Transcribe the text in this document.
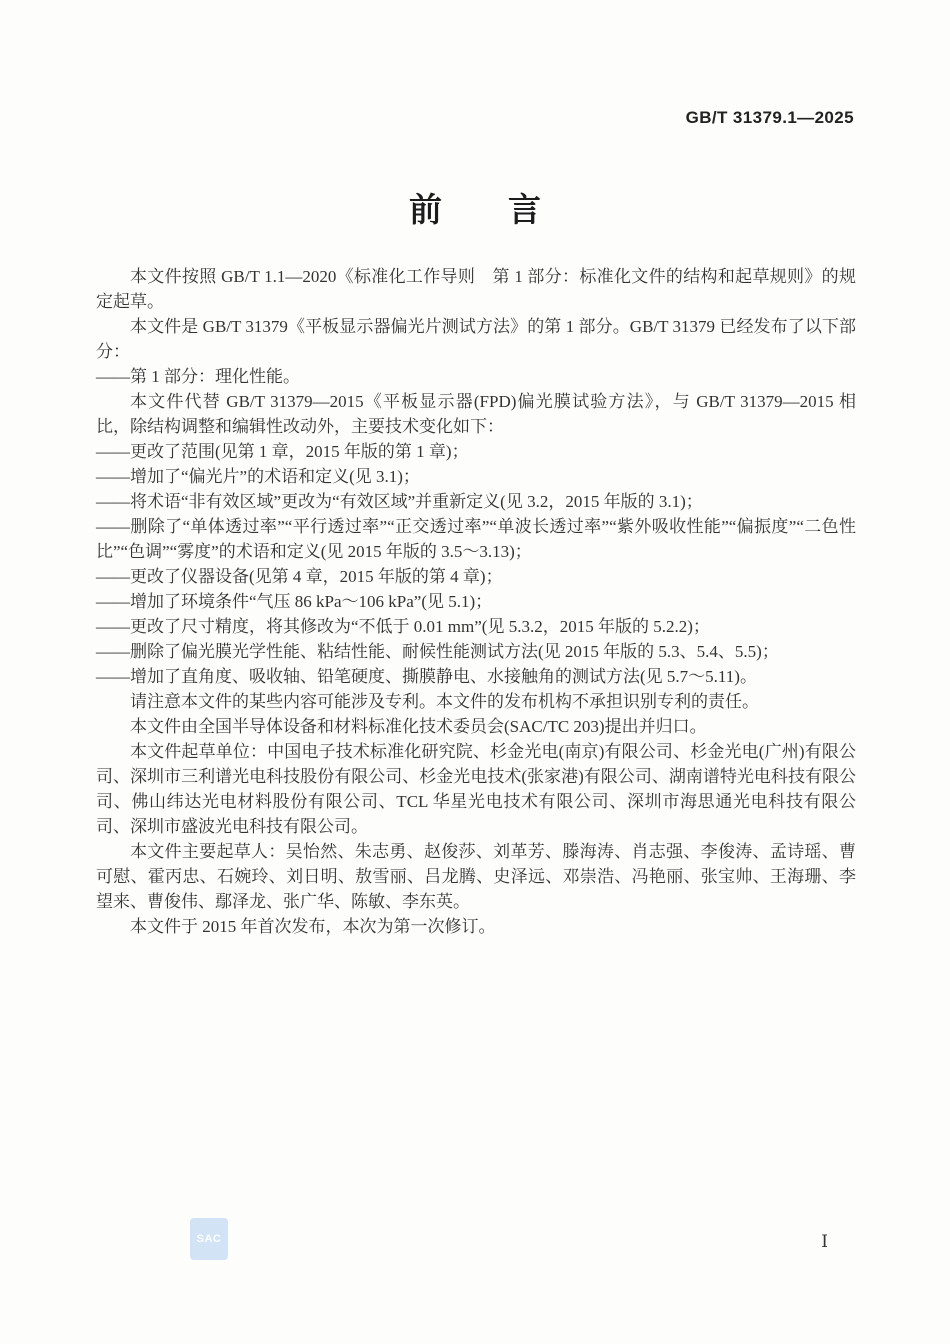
GB/T 31379.1—2025
前　　言

本文件按照 GB/T 1.1—2020《标准化工作导则　第 1 部分：标准化文件的结构和起草规则》的规定起草。

本文件是 GB/T 31379《平板显示器偏光片测试方法》的第 1 部分。GB/T 31379 已经发布了以下部分：

——第 1 部分：理化性能。

本文件代替 GB/T 31379—2015《平板显示器(FPD)偏光膜试验方法》，与 GB/T 31379—2015 相比，除结构调整和编辑性改动外，主要技术变化如下：

——更改了范围(见第 1 章，2015 年版的第 1 章)；

——增加了“偏光片”的术语和定义(见 3.1)；

——将术语“非有效区域”更改为“有效区域”并重新定义(见 3.2，2015 年版的 3.1)；

——删除了“单体透过率”“平行透过率”“正交透过率”“单波长透过率”“紫外吸收性能”“偏振度”“二色性比”“色调”“雾度”的术语和定义(见 2015 年版的 3.5～3.13)；

——更改了仪器设备(见第 4 章，2015 年版的第 4 章)；

——增加了环境条件“气压 86 kPa～106 kPa”(见 5.1)；

——更改了尺寸精度，将其修改为“不低于 0.01 mm”(见 5.3.2，2015 年版的 5.2.2)；

——删除了偏光膜光学性能、粘结性能、耐候性能测试方法(见 2015 年版的 5.3、5.4、5.5)；

——增加了直角度、吸收轴、铅笔硬度、撕膜静电、水接触角的测试方法(见 5.7～5.11)。

请注意本文件的某些内容可能涉及专利。本文件的发布机构不承担识别专利的责任。

本文件由全国半导体设备和材料标准化技术委员会(SAC/TC 203)提出并归口。

本文件起草单位：中国电子技术标准化研究院、杉金光电(南京)有限公司、杉金光电(广州)有限公司、深圳市三利谱光电科技股份有限公司、杉金光电技术(张家港)有限公司、湖南谱特光电科技有限公司、佛山纬达光电材料股份有限公司、TCL 华星光电技术有限公司、深圳市海思通光电科技有限公司、深圳市盛波光电科技有限公司。

本文件主要起草人：吴怡然、朱志勇、赵俊莎、刘革芳、滕海涛、肖志强、李俊涛、孟诗瑶、曹可慰、霍丙忠、石婉玲、刘日明、敖雪丽、吕龙腾、史泽远、邓崇浩、冯艳丽、张宝帅、王海珊、李望来、曹俊伟、鄢泽龙、张广华、陈敏、李东英。

本文件于 2015 年首次发布，本次为第一次修订。

SAC	Ⅰ
